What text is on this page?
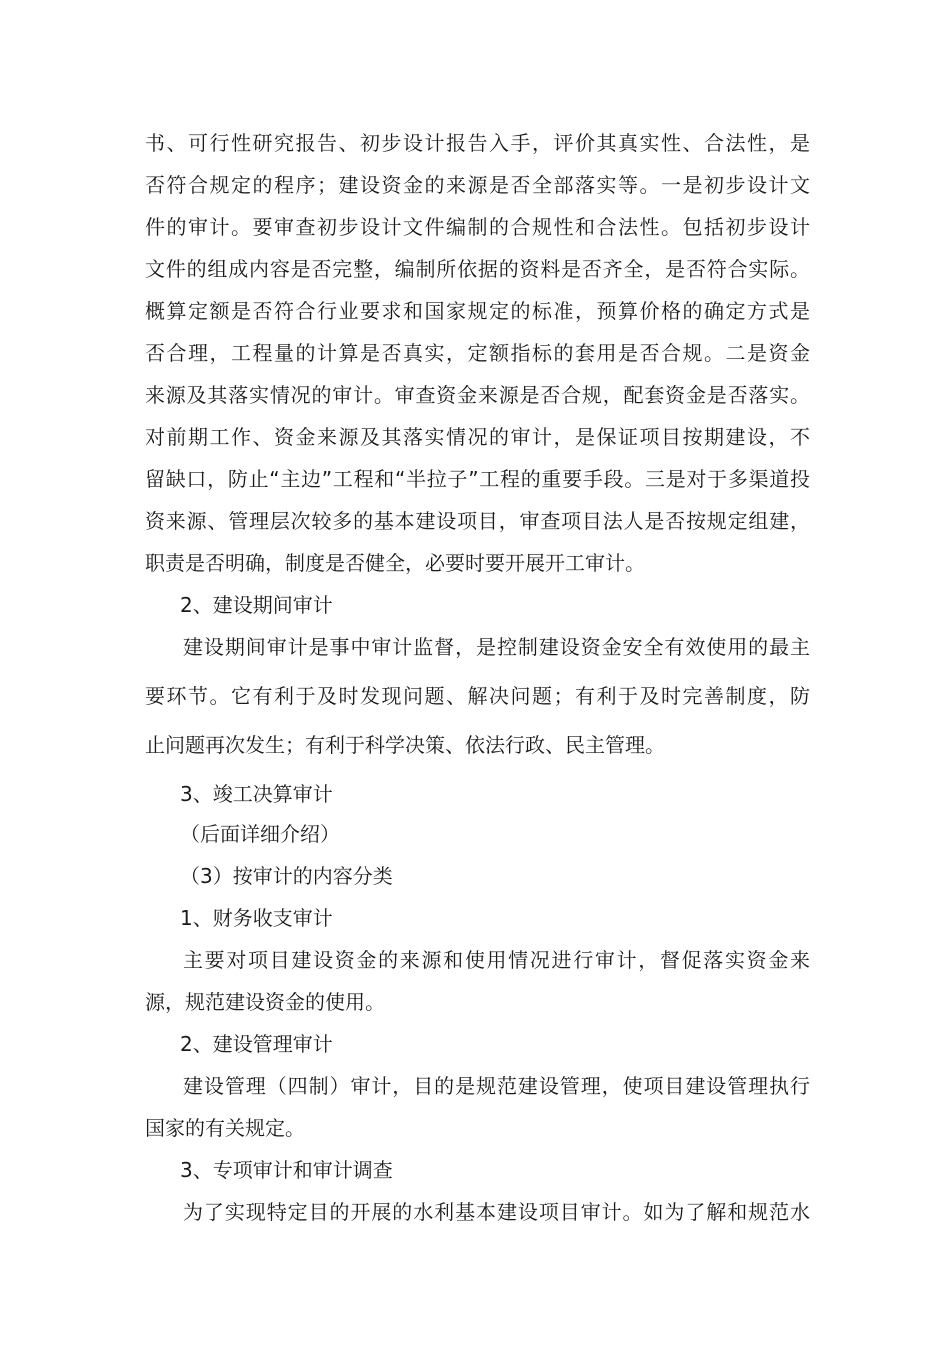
书、可行性研究报告、初步设计报告入手，评价其真实性、合法性，是
否符合规定的程序；建设资金的来源是否全部落实等。一是初步设计文
件的审计。要审查初步设计文件编制的合规性和合法性。包括初步设计
文件的组成内容是否完整，编制所依据的资料是否齐全，是否符合实际。
概算定额是否符合行业要求和国家规定的标准，预算价格的确定方式是
否合理，工程量的计算是否真实，定额指标的套用是否合规。二是资金
来源及其落实情况的审计。审查资金来源是否合规，配套资金是否落实。
对前期工作、资金来源及其落实情况的审计，是保证项目按期建设，不
留缺口，防止“主边”工程和“半拉子”工程的重要手段。三是对于多渠道投
资来源、管理层次较多的基本建设项目，审查项目法人是否按规定组建，
职责是否明确，制度是否健全，必要时要开展开工审计。
2、建设期间审计
建设期间审计是事中审计监督，是控制建设资金安全有效使用的最主
要环节。它有利于及时发现问题、解决问题；有利于及时完善制度，防
止问题再次发生；有利于科学决策、依法行政、民主管理。
3、竣工决算审计
（后面详细介绍）
（3）按审计的内容分类
1、财务收支审计
主要对项目建设资金的来源和使用情况进行审计，督促落实资金来
源，规范建设资金的使用。
2、建设管理审计
建设管理（四制）审计，目的是规范建设管理，使项目建设管理执行
国家的有关规定。
3、专项审计和审计调查
为了实现特定目的开展的水利基本建设项目审计。如为了解和规范水
